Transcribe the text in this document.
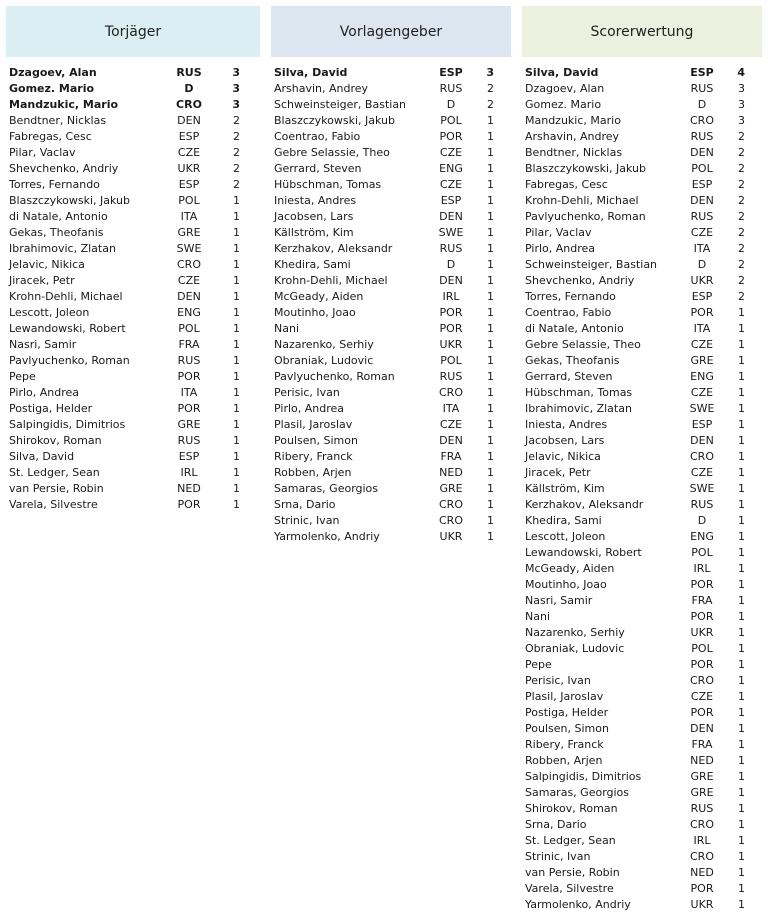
Torjäger
Dzagoev, Alan	RUS	3
Gomez. Mario	D	3
Mandzukic, Mario	CRO	3
Bendtner, Nicklas	DEN	2
Fabregas, Cesc	ESP	2
Pilar, Vaclav	CZE	2
Shevchenko, Andriy	UKR	2
Torres, Fernando	ESP	2
Blaszczykowski, Jakub	POL	1
di Natale, Antonio	ITA	1
Gekas, Theofanis	GRE	1
Ibrahimovic, Zlatan	SWE	1
Jelavic, Nikica	CRO	1
Jiracek, Petr	CZE	1
Krohn-Dehli, Michael	DEN	1
Lescott, Joleon	ENG	1
Lewandowski, Robert	POL	1
Nasri, Samir	FRA	1
Pavlyuchenko, Roman	RUS	1
Pepe	POR	1
Pirlo, Andrea	ITA	1
Postiga, Helder	POR	1
Salpingidis, Dimitrios	GRE	1
Shirokov, Roman	RUS	1
Silva, David	ESP	1
St. Ledger, Sean	IRL	1
van Persie, Robin	NED	1
Varela, Silvestre	POR	1
Vorlagengeber
Silva, David	ESP	3
Arshavin, Andrey	RUS	2
Schweinsteiger, Bastian	D	2
Blaszczykowski, Jakub	POL	1
Coentrao, Fabio	POR	1
Gebre Selassie, Theo	CZE	1
Gerrard, Steven	ENG	1
Hübschman, Tomas	CZE	1
Iniesta, Andres	ESP	1
Jacobsen, Lars	DEN	1
Källström, Kim	SWE	1
Kerzhakov, Aleksandr	RUS	1
Khedira, Sami	D	1
Krohn-Dehli, Michael	DEN	1
McGeady, Aiden	IRL	1
Moutinho, Joao	POR	1
Nani	POR	1
Nazarenko, Serhiy	UKR	1
Obraniak, Ludovic	POL	1
Pavlyuchenko, Roman	RUS	1
Perisic, Ivan	CRO	1
Pirlo, Andrea	ITA	1
Plasil, Jaroslav	CZE	1
Poulsen, Simon	DEN	1
Ribery, Franck	FRA	1
Robben, Arjen	NED	1
Samaras, Georgios	GRE	1
Srna, Dario	CRO	1
Strinic, Ivan	CRO	1
Yarmolenko, Andriy	UKR	1
Scorerwertung
Silva, David	ESP	4
Dzagoev, Alan	RUS	3
Gomez. Mario	D	3
Mandzukic, Mario	CRO	3
Arshavin, Andrey	RUS	2
Bendtner, Nicklas	DEN	2
Blaszczykowski, Jakub	POL	2
Fabregas, Cesc	ESP	2
Krohn-Dehli, Michael	DEN	2
Pavlyuchenko, Roman	RUS	2
Pilar, Vaclav	CZE	2
Pirlo, Andrea	ITA	2
Schweinsteiger, Bastian	D	2
Shevchenko, Andriy	UKR	2
Torres, Fernando	ESP	2
Coentrao, Fabio	POR	1
di Natale, Antonio	ITA	1
Gebre Selassie, Theo	CZE	1
Gekas, Theofanis	GRE	1
Gerrard, Steven	ENG	1
Hübschman, Tomas	CZE	1
Ibrahimovic, Zlatan	SWE	1
Iniesta, Andres	ESP	1
Jacobsen, Lars	DEN	1
Jelavic, Nikica	CRO	1
Jiracek, Petr	CZE	1
Källström, Kim	SWE	1
Kerzhakov, Aleksandr	RUS	1
Khedira, Sami	D	1
Lescott, Joleon	ENG	1
Lewandowski, Robert	POL	1
McGeady, Aiden	IRL	1
Moutinho, Joao	POR	1
Nasri, Samir	FRA	1
Nani	POR	1
Nazarenko, Serhiy	UKR	1
Obraniak, Ludovic	POL	1
Pepe	POR	1
Perisic, Ivan	CRO	1
Plasil, Jaroslav	CZE	1
Postiga, Helder	POR	1
Poulsen, Simon	DEN	1
Ribery, Franck	FRA	1
Robben, Arjen	NED	1
Salpingidis, Dimitrios	GRE	1
Samaras, Georgios	GRE	1
Shirokov, Roman	RUS	1
Srna, Dario	CRO	1
St. Ledger, Sean	IRL	1
Strinic, Ivan	CRO	1
van Persie, Robin	NED	1
Varela, Silvestre	POR	1
Yarmolenko, Andriy	UKR	1
